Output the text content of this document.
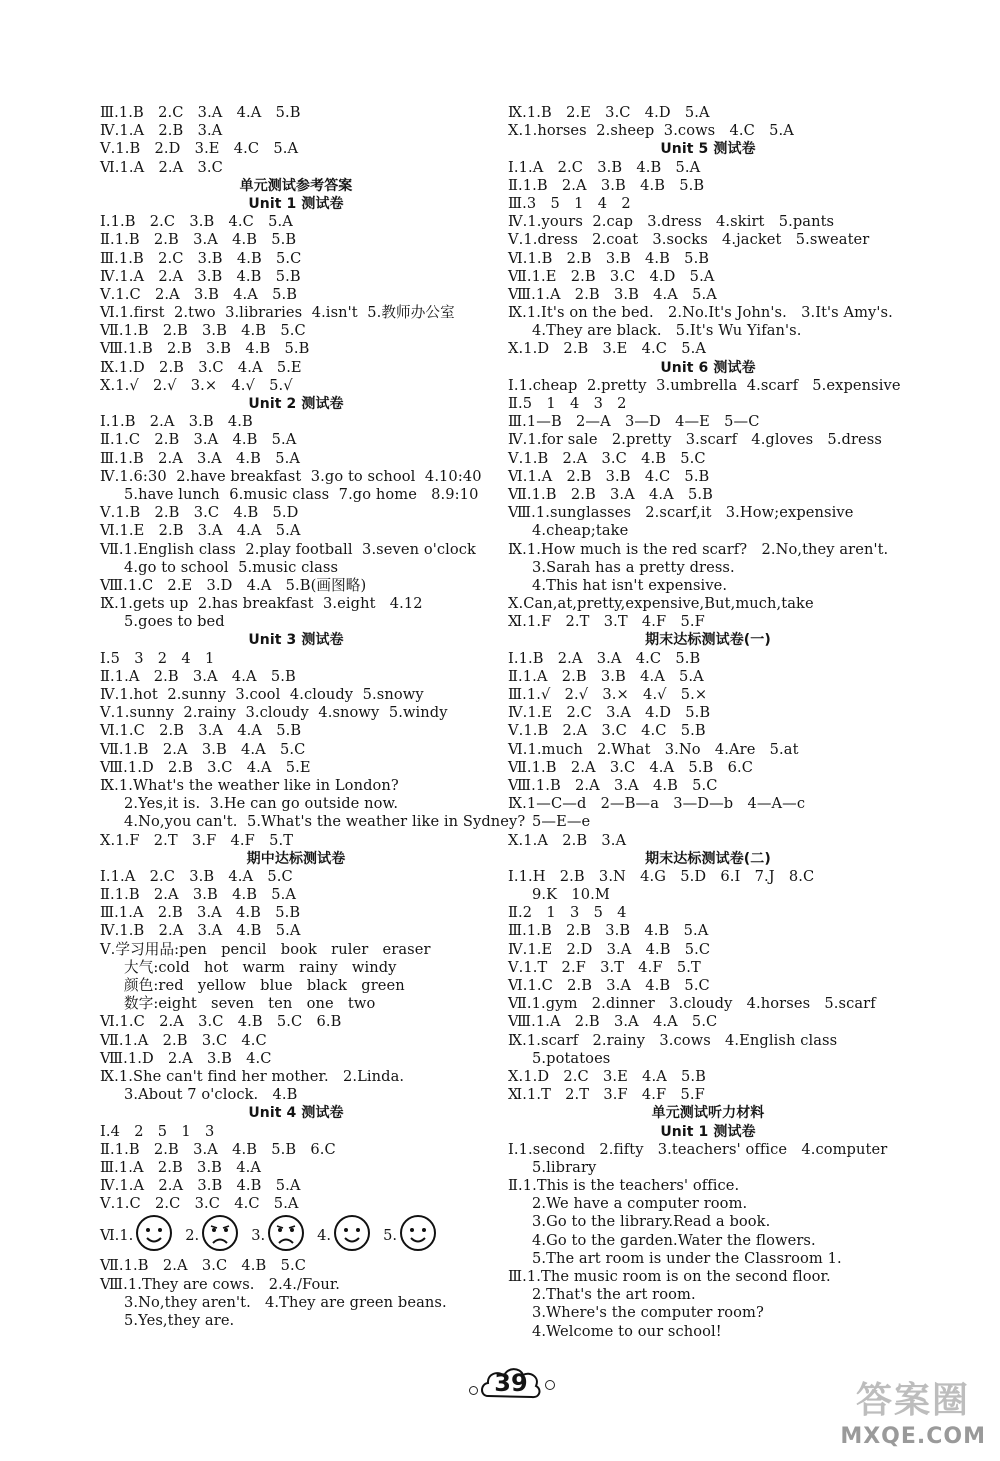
Ⅲ.1.B   2.C   3.A   4.A   5.B
Ⅳ.1.A   2.B   3.A
Ⅴ.1.B   2.D   3.E   4.C   5.A
Ⅵ.1.A   2.A   3.C
单元测试参考答案
Unit 1 测试卷
Ⅰ.1.B   2.C   3.B   4.C   5.A
Ⅱ.1.B   2.B   3.A   4.B   5.B
Ⅲ.1.B   2.C   3.B   4.B   5.C
Ⅳ.1.A   2.A   3.B   4.B   5.B
Ⅴ.1.C   2.A   3.B   4.A   5.B
Ⅵ.1.first  2.two  3.libraries  4.isn't  5.教师办公室
Ⅶ.1.B   2.B   3.B   4.B   5.C
Ⅷ.1.B   2.B   3.B   4.B   5.B
Ⅸ.1.D   2.B   3.C   4.A   5.E
Ⅹ.1.√   2.√   3.×   4.√   5.√
Unit 2 测试卷
Ⅰ.1.B   2.A   3.B   4.B
Ⅱ.1.C   2.B   3.A   4.B   5.A
Ⅲ.1.B   2.A   3.A   4.B   5.A
Ⅳ.1.6:30  2.have breakfast  3.go to school  4.10:40
5.have lunch  6.music class  7.go home   8.9:10
Ⅴ.1.B   2.B   3.C   4.B   5.D
Ⅵ.1.E   2.B   3.A   4.A   5.A
Ⅶ.1.English class  2.play football  3.seven o'clock
4.go to school  5.music class
Ⅷ.1.C   2.E   3.D   4.A   5.B(画图略)
Ⅸ.1.gets up  2.has breakfast  3.eight   4.12
5.goes to bed
Unit 3 测试卷
Ⅰ.5   3   2   4   1
Ⅱ.1.A   2.B   3.A   4.A   5.B
Ⅳ.1.hot  2.sunny  3.cool  4.cloudy  5.snowy
Ⅴ.1.sunny  2.rainy  3.cloudy  4.snowy  5.windy
Ⅵ.1.C   2.B   3.A   4.A   5.B
Ⅶ.1.B   2.A   3.B   4.A   5.C
Ⅷ.1.D   2.B   3.C   4.A   5.E
Ⅸ.1.What's the weather like in London?
2.Yes,it is.  3.He can go outside now.
4.No,you can't.  5.What's the weather like in Sydney?
Ⅹ.1.F   2.T   3.F   4.F   5.T
期中达标测试卷
Ⅰ.1.A   2.C   3.B   4.A   5.C
Ⅱ.1.B   2.A   3.B   4.B   5.A
Ⅲ.1.A   2.B   3.A   4.B   5.B
Ⅳ.1.B   2.A   3.A   4.B   5.A
Ⅴ.学习用品:pen   pencil   book   ruler   eraser
大气:cold   hot   warm   rainy   windy
颜色:red   yellow   blue   black   green
数字:eight   seven   ten   one   two
Ⅵ.1.C   2.A   3.C   4.B   5.C   6.B
Ⅶ.1.A   2.B   3.C   4.C
Ⅷ.1.D   2.A   3.B   4.C
Ⅸ.1.She can't find her mother.   2.Linda.
3.About 7 o'clock.   4.B
Unit 4 测试卷
Ⅰ.4   2   5   1   3
Ⅱ.1.B   2.B   3.A   4.B   5.B   6.C
Ⅲ.1.A   2.B   3.B   4.A
Ⅳ.1.A   2.A   3.B   4.B   5.A
Ⅴ.1.C   2.C   3.C   4.C   5.A
Ⅵ. 1.	2.	3.	4.	5.
Ⅶ.1.B   2.A   3.C   4.B   5.C
Ⅷ.1.They are cows.   2.4./Four.
3.No,they aren't.   4.They are green beans.
5.Yes,they are.
Ⅸ.1.B   2.E   3.C   4.D   5.A
Ⅹ.1.horses  2.sheep  3.cows   4.C   5.A
Unit 5 测试卷
Ⅰ.1.A   2.C   3.B   4.B   5.A
Ⅱ.1.B   2.A   3.B   4.B   5.B
Ⅲ.3   5   1   4   2
Ⅳ.1.yours  2.cap   3.dress   4.skirt   5.pants
Ⅴ.1.dress   2.coat   3.socks   4.jacket   5.sweater
Ⅵ.1.B   2.B   3.B   4.B   5.B
Ⅶ.1.E   2.B   3.C   4.D   5.A
Ⅷ.1.A   2.B   3.B   4.A   5.A
Ⅸ.1.It's on the bed.   2.No.It's John's.   3.It's Amy's.
4.They are black.   5.It's Wu Yifan's.
Ⅹ.1.D   2.B   3.E   4.C   5.A
Unit 6 测试卷
Ⅰ.1.cheap  2.pretty  3.umbrella  4.scarf   5.expensive
Ⅱ.5   1   4   3   2
Ⅲ.1—B   2—A   3—D   4—E   5—C
Ⅳ.1.for sale   2.pretty   3.scarf   4.gloves   5.dress
Ⅴ.1.B   2.A   3.C   4.B   5.C
Ⅵ.1.A   2.B   3.B   4.C   5.B
Ⅶ.1.B   2.B   3.A   4.A   5.B
Ⅷ.1.sunglasses   2.scarf,it   3.How;expensive
4.cheap;take
Ⅸ.1.How much is the red scarf?   2.No,they aren't.
3.Sarah has a pretty dress.
4.This hat isn't expensive.
Ⅹ.Can,at,pretty,expensive,But,much,take
Ⅺ.1.F   2.T   3.T   4.F   5.F
期末达标测试卷(一)
Ⅰ.1.B   2.A   3.A   4.C   5.B
Ⅱ.1.A   2.B   3.B   4.A   5.A
Ⅲ.1.√   2.√   3.×   4.√   5.×
Ⅳ.1.E   2.C   3.A   4.D   5.B
Ⅴ.1.B   2.A   3.C   4.C   5.B
Ⅵ.1.much   2.What   3.No   4.Are   5.at
Ⅶ.1.B   2.A   3.C   4.A   5.B   6.C
Ⅷ.1.B   2.A   3.A   4.B   5.C
Ⅸ.1—C—d   2—B—a   3—D—b   4—A—c
5—E—e
Ⅹ.1.A   2.B   3.A
期末达标测试卷(二)
Ⅰ.1.H   2.B   3.N   4.G   5.D   6.I   7.J   8.C
9.K   10.M
Ⅱ.2   1   3   5   4
Ⅲ.1.B   2.B   3.B   4.B   5.A
Ⅳ.1.E   2.D   3.A   4.B   5.C
Ⅴ.1.T   2.F   3.T   4.F   5.T
Ⅵ.1.C   2.B   3.A   4.B   5.C
Ⅶ.1.gym   2.dinner   3.cloudy   4.horses   5.scarf
Ⅷ.1.A   2.B   3.A   4.A   5.C
Ⅸ.1.scarf   2.rainy   3.cows   4.English class
5.potatoes
Ⅹ.1.D   2.C   3.E   4.A   5.B
Ⅺ.1.T   2.T   3.F   4.F   5.F
单元测试听力材料
Unit 1 测试卷
Ⅰ.1.second   2.fifty   3.teachers' office   4.computer
5.library
Ⅱ.1.This is the teachers' office.
2.We have a computer room.
3.Go to the library.Read a book.
4.Go to the garden.Water the flowers.
5.The art room is under the Classroom 1.
Ⅲ.1.The music room is on the second floor.
2.That's the art room.
3.Where's the computer room?
4.Welcome to our school!
39	答案圈
MXQE.COM
